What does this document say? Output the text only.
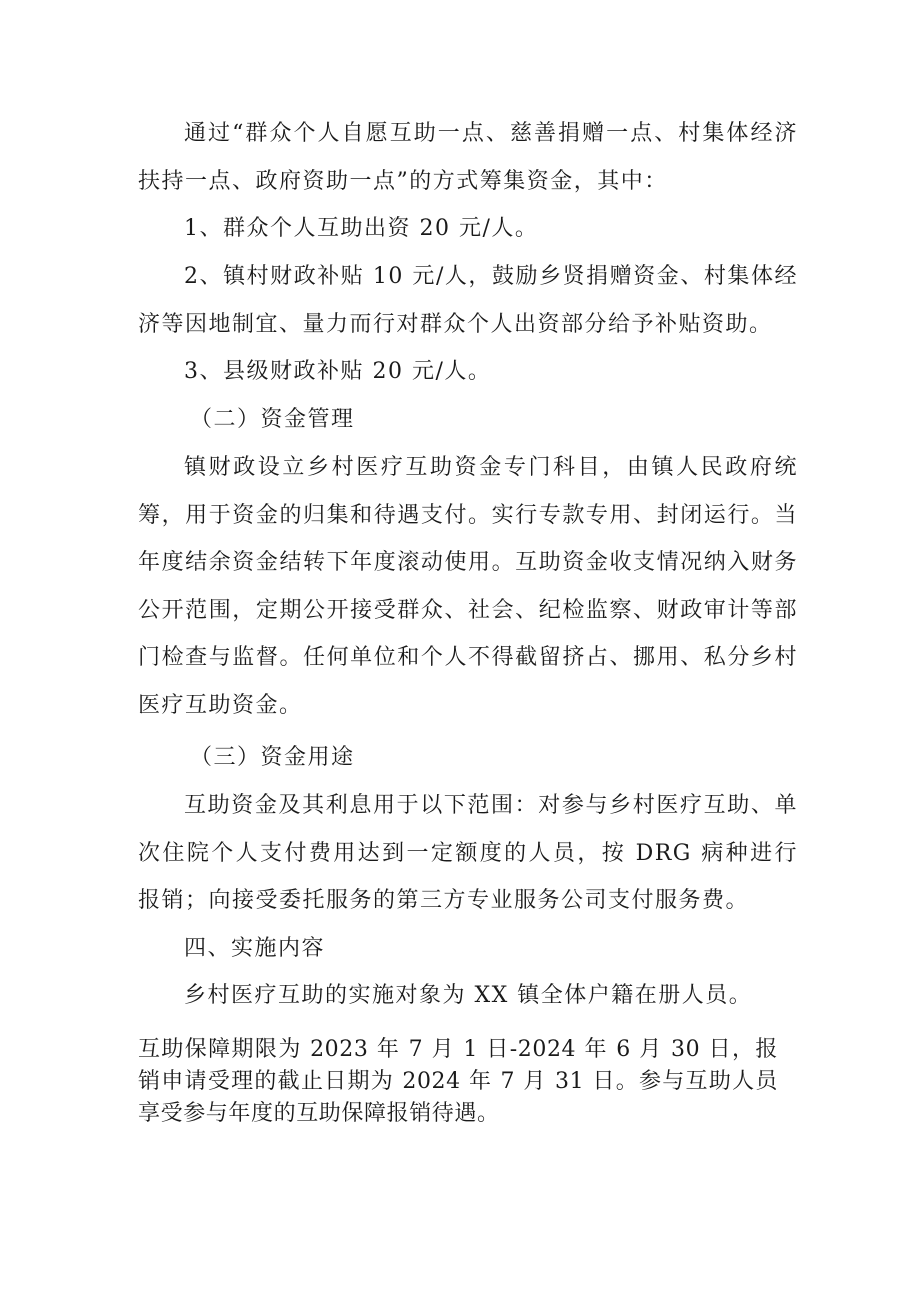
通过“群众个人自愿互助一点、慈善捐赠一点、村集体经济扶持一点、政府资助一点”的方式筹集资金，其中：

1、群众个人互助出资 20 元/人。

2、镇村财政补贴 10 元/人，鼓励乡贤捐赠资金、村集体经济等因地制宜、量力而行对群众个人出资部分给予补贴资助。

3、县级财政补贴 20 元/人。

（二）资金管理

镇财政设立乡村医疗互助资金专门科目，由镇人民政府统筹，用于资金的归集和待遇支付。实行专款专用、封闭运行。当年度结余资金结转下年度滚动使用。互助资金收支情况纳入财务公开范围，定期公开接受群众、社会、纪检监察、财政审计等部门检查与监督。任何单位和个人不得截留挤占、挪用、私分乡村医疗互助资金。

（三）资金用途

互助资金及其利息用于以下范围：对参与乡村医疗互助、单次住院个人支付费用达到一定额度的人员，按 DRG 病种进行报销；向接受委托服务的第三方专业服务公司支付服务费。

四、实施内容

乡村医疗互助的实施对象为 XX 镇全体户籍在册人员。

互助保障期限为 2023 年 7 月 1 日-2024 年 6 月 30 日，报销申请受理的截止日期为 2024 年 7 月 31 日。参与互助人员享受参与年度的互助保障报销待遇。
